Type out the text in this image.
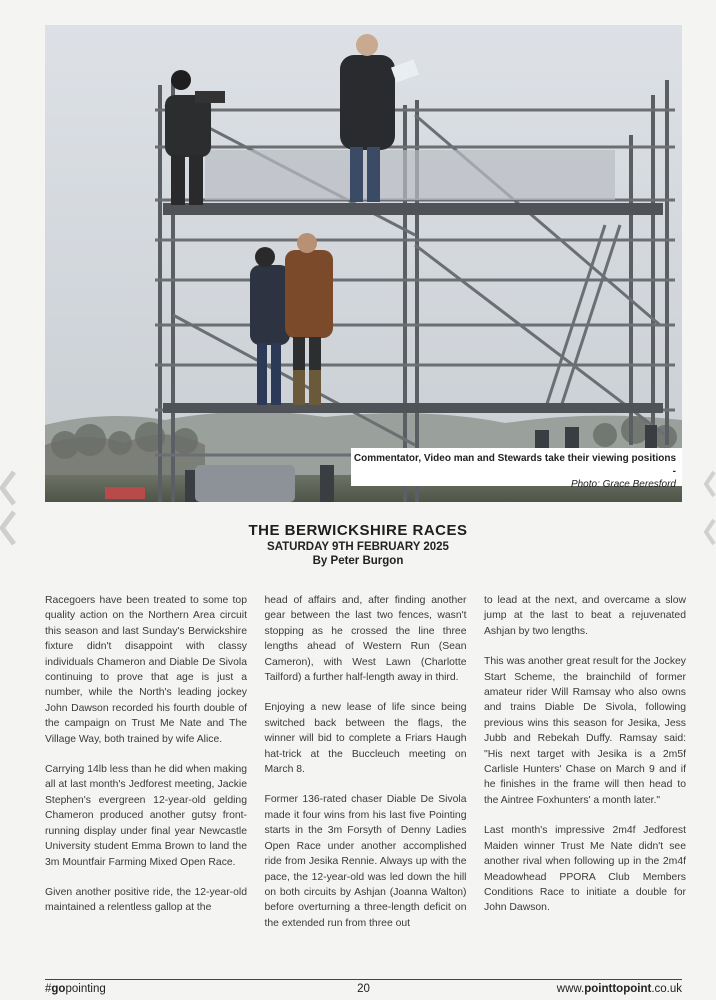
Commentator, Video man and Stewards take their viewing positions -
Photo: Grace Beresford
THE BERWICKSHIRE RACES
SATURDAY 9TH FEBRUARY 2025
By Peter Burgon

Racegoers have been treated to some top quality action on the Northern Area circuit this season and last Sunday's Berwickshire fixture didn't disappoint with classy individuals Chameron and Diable De Sivola continuing to prove that age is just a number, while the North's leading jockey John Dawson recorded his fourth double of the campaign on Trust Me Nate and The Village Way, both trained by wife Alice.

Carrying 14lb less than he did when making all at last month's Jedforest meeting, Jackie Stephen's evergreen 12-year-old gelding Chameron produced another gutsy front-running display under final year Newcastle University student Emma Brown to land the 3m Mountfair Farming Mixed Open Race.

Given another positive ride, the 12-year-old maintained a relentless gallop at the

head of affairs and, after finding another gear between the last two fences, wasn't stopping as he crossed the line three lengths ahead of Western Run (Sean Cameron), with West Lawn (Charlotte Tailford) a further half-length away in third.

Enjoying a new lease of life since being switched back between the flags, the winner will bid to complete a Friars Haugh hat-trick at the Buccleuch meeting on March 8.

Former 136-rated chaser Diable De Sivola made it four wins from his last five Pointing starts in the 3m Forsyth of Denny Ladies Open Race under another accomplished ride from Jesika Rennie. Always up with the pace, the 12-year-old was led down the hill on both circuits by Ashjan (Joanna Walton) before overturning a three-length deficit on the extended run from three out

to lead at the next, and overcame a slow jump at the last to beat a rejuvenated Ashjan by two lengths.

This was another great result for the Jockey Start Scheme, the brainchild of former amateur rider Will Ramsay who also owns and trains Diable De Sivola, following previous wins this season for Jesika, Jess Jubb and Rebekah Duffy. Ramsay said: "His next target with Jesika is a 2m5f Carlisle Hunters' Chase on March 9 and if he finishes in the frame will then head to the Aintree Foxhunters' a month later."

Last month's impressive 2m4f Jedforest Maiden winner Trust Me Nate didn't see another rival when following up in the 2m4f Meadowhead PPORA Club Members Conditions Race to initiate a double for John Dawson.

#gopointing	20	www.pointtopoint.co.uk
